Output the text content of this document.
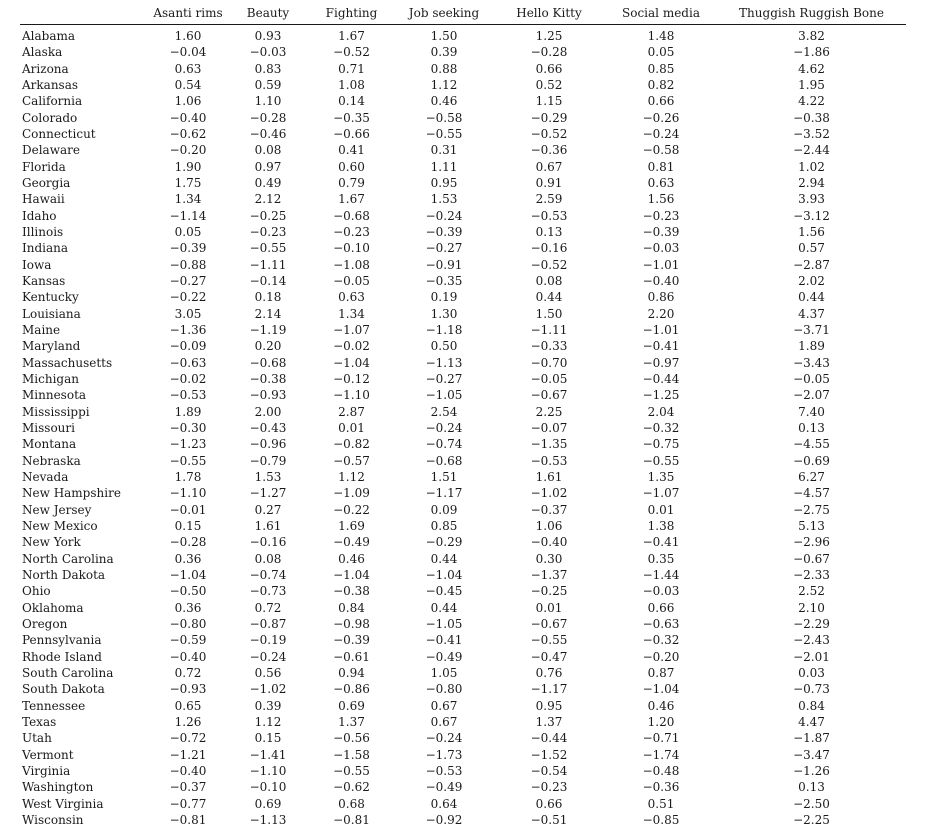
	Asanti rims	Beauty	Fighting	Job seeking	Hello Kitty	Social media	Thuggish Ruggish Bone
Alabama	1.60	0.93	1.67	1.50	1.25	1.48	3.82
Alaska	−0.04	−0.03	−0.52	0.39	−0.28	0.05	−1.86
Arizona	0.63	0.83	0.71	0.88	0.66	0.85	4.62
Arkansas	0.54	0.59	1.08	1.12	0.52	0.82	1.95
California	1.06	1.10	0.14	0.46	1.15	0.66	4.22
Colorado	−0.40	−0.28	−0.35	−0.58	−0.29	−0.26	−0.38
Connecticut	−0.62	−0.46	−0.66	−0.55	−0.52	−0.24	−3.52
Delaware	−0.20	0.08	0.41	0.31	−0.36	−0.58	−2.44
Florida	1.90	0.97	0.60	1.11	0.67	0.81	1.02
Georgia	1.75	0.49	0.79	0.95	0.91	0.63	2.94
Hawaii	1.34	2.12	1.67	1.53	2.59	1.56	3.93
Idaho	−1.14	−0.25	−0.68	−0.24	−0.53	−0.23	−3.12
Illinois	0.05	−0.23	−0.23	−0.39	0.13	−0.39	1.56
Indiana	−0.39	−0.55	−0.10	−0.27	−0.16	−0.03	0.57
Iowa	−0.88	−1.11	−1.08	−0.91	−0.52	−1.01	−2.87
Kansas	−0.27	−0.14	−0.05	−0.35	0.08	−0.40	2.02
Kentucky	−0.22	0.18	0.63	0.19	0.44	0.86	0.44
Louisiana	3.05	2.14	1.34	1.30	1.50	2.20	4.37
Maine	−1.36	−1.19	−1.07	−1.18	−1.11	−1.01	−3.71
Maryland	−0.09	0.20	−0.02	0.50	−0.33	−0.41	1.89
Massachusetts	−0.63	−0.68	−1.04	−1.13	−0.70	−0.97	−3.43
Michigan	−0.02	−0.38	−0.12	−0.27	−0.05	−0.44	−0.05
Minnesota	−0.53	−0.93	−1.10	−1.05	−0.67	−1.25	−2.07
Mississippi	1.89	2.00	2.87	2.54	2.25	2.04	7.40
Missouri	−0.30	−0.43	0.01	−0.24	−0.07	−0.32	0.13
Montana	−1.23	−0.96	−0.82	−0.74	−1.35	−0.75	−4.55
Nebraska	−0.55	−0.79	−0.57	−0.68	−0.53	−0.55	−0.69
Nevada	1.78	1.53	1.12	1.51	1.61	1.35	6.27
New Hampshire	−1.10	−1.27	−1.09	−1.17	−1.02	−1.07	−4.57
New Jersey	−0.01	0.27	−0.22	0.09	−0.37	0.01	−2.75
New Mexico	0.15	1.61	1.69	0.85	1.06	1.38	5.13
New York	−0.28	−0.16	−0.49	−0.29	−0.40	−0.41	−2.96
North Carolina	0.36	0.08	0.46	0.44	0.30	0.35	−0.67
North Dakota	−1.04	−0.74	−1.04	−1.04	−1.37	−1.44	−2.33
Ohio	−0.50	−0.73	−0.38	−0.45	−0.25	−0.03	2.52
Oklahoma	0.36	0.72	0.84	0.44	0.01	0.66	2.10
Oregon	−0.80	−0.87	−0.98	−1.05	−0.67	−0.63	−2.29
Pennsylvania	−0.59	−0.19	−0.39	−0.41	−0.55	−0.32	−2.43
Rhode Island	−0.40	−0.24	−0.61	−0.49	−0.47	−0.20	−2.01
South Carolina	0.72	0.56	0.94	1.05	0.76	0.87	0.03
South Dakota	−0.93	−1.02	−0.86	−0.80	−1.17	−1.04	−0.73
Tennessee	0.65	0.39	0.69	0.67	0.95	0.46	0.84
Texas	1.26	1.12	1.37	0.67	1.37	1.20	4.47
Utah	−0.72	0.15	−0.56	−0.24	−0.44	−0.71	−1.87
Vermont	−1.21	−1.41	−1.58	−1.73	−1.52	−1.74	−3.47
Virginia	−0.40	−1.10	−0.55	−0.53	−0.54	−0.48	−1.26
Washington	−0.37	−0.10	−0.62	−0.49	−0.23	−0.36	0.13
West Virginia	−0.77	0.69	0.68	0.64	0.66	0.51	−2.50
Wisconsin	−0.81	−1.13	−0.81	−0.92	−0.51	−0.85	−2.25
